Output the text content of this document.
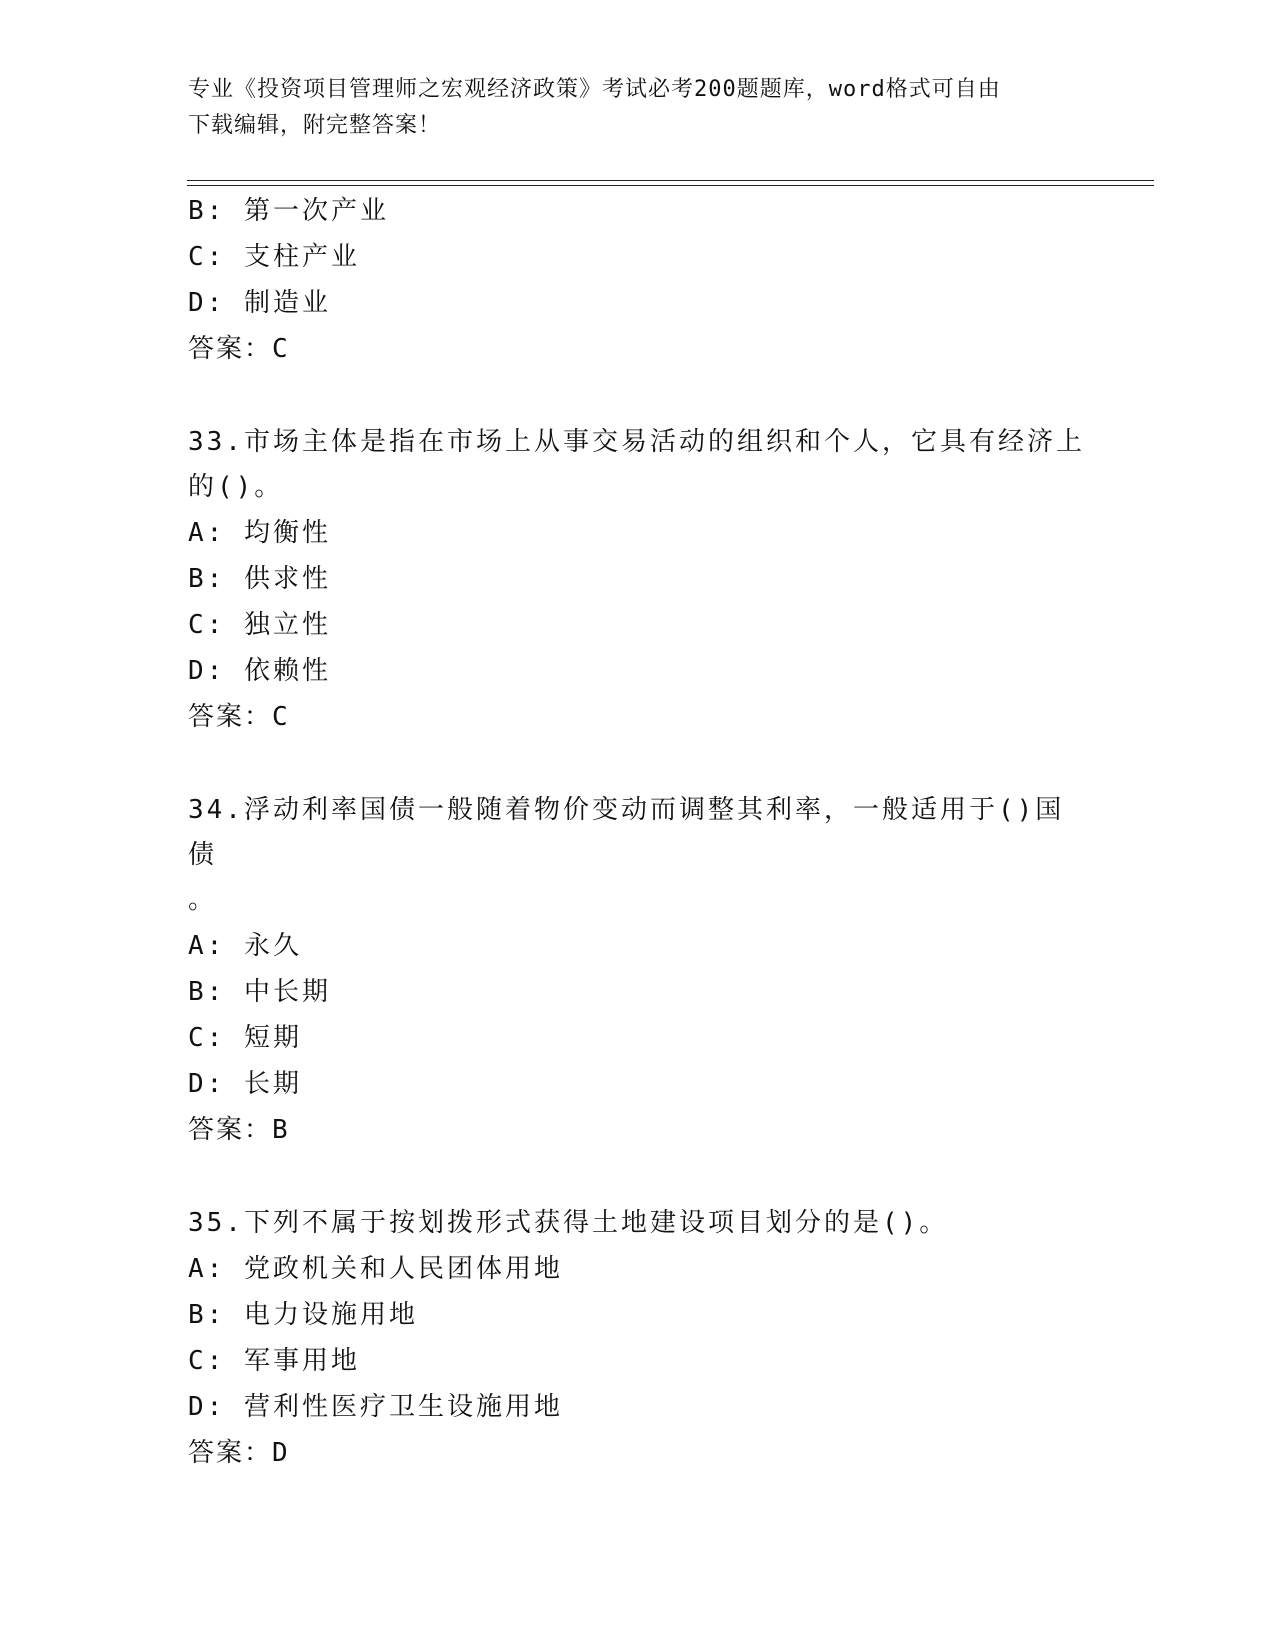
专业《投资项目管理师之宏观经济政策》考试必考200题题库，word格式可自由
下载编辑，附完整答案！
B: 第一次产业
C: 支柱产业
D: 制造业
答案：C
33.市场主体是指在市场上从事交易活动的组织和个人，它具有经济上
的()。
A: 均衡性
B: 供求性
C: 独立性
D: 依赖性
答案：C
34.浮动利率国债一般随着物价变动而调整其利率，一般适用于()国债
。
A: 永久
B: 中长期
C: 短期
D: 长期
答案：B
35.下列不属于按划拨形式获得土地建设项目划分的是()。
A: 党政机关和人民团体用地
B: 电力设施用地
C: 军事用地
D: 营利性医疗卫生设施用地
答案：D
